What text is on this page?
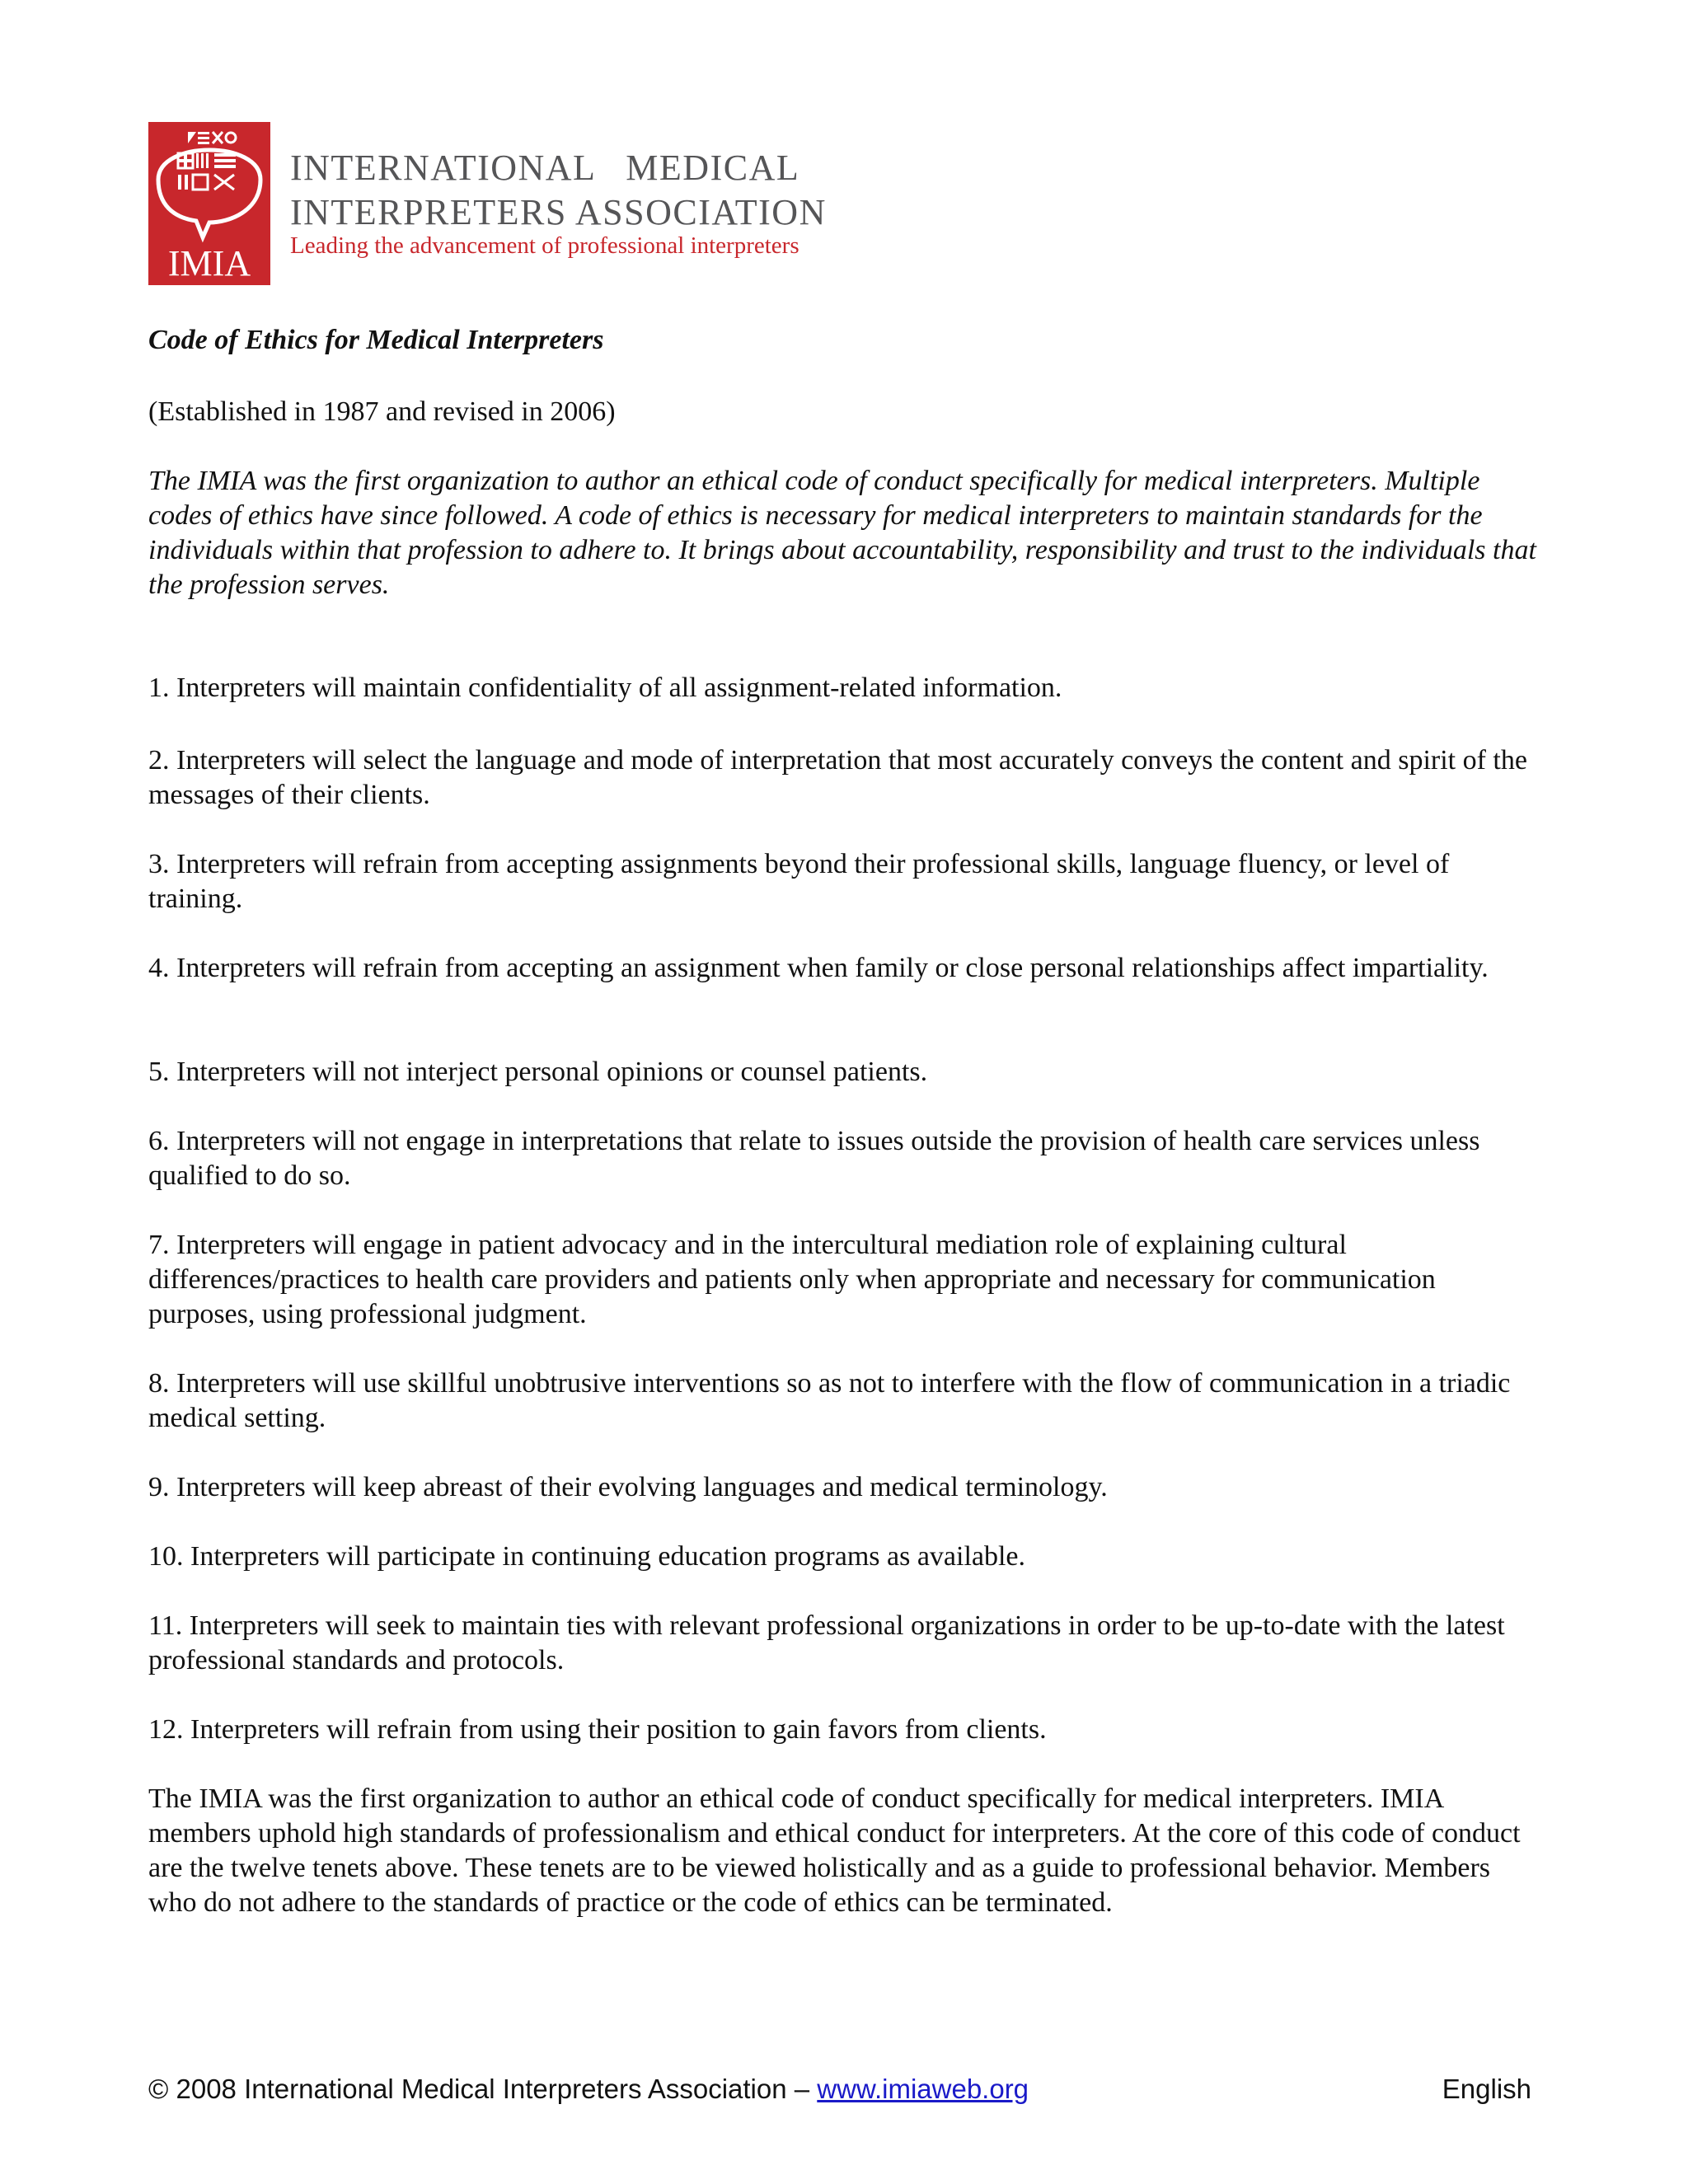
IMIA
INTERNATIONAL   MEDICAL
INTERPRETERS ASSOCIATION
Leading the advancement of professional interpreters

Code of Ethics for Medical Interpreters

(Established in 1987 and revised in 2006)

The IMIA was the first organization to author an ethical code of conduct specifically for medical interpreters. Multiple codes of ethics have since followed. A code of ethics is necessary for medical interpreters to maintain standards for the individuals within that profession to adhere to. It brings about accountability, responsibility and trust to the individuals that the profession serves.

1. Interpreters will maintain confidentiality of all assignment-related information.

2. Interpreters will select the language and mode of interpretation that most accurately conveys the content and spirit of the messages of their clients.

3. Interpreters will refrain from accepting assignments beyond their professional skills, language fluency, or level of training.

4. Interpreters will refrain from accepting an assignment when family or close personal relationships affect impartiality.

5. Interpreters will not interject personal opinions or counsel patients.

6. Interpreters will not engage in interpretations that relate to issues outside the provision of health care services unless qualified to do so.

7. Interpreters will engage in patient advocacy and in the intercultural mediation role of explaining cultural differences/practices to health care providers and patients only when appropriate and necessary for communication purposes, using professional judgment.

8. Interpreters will use skillful unobtrusive interventions so as not to interfere with the flow of communication in a triadic medical setting.

9. Interpreters will keep abreast of their evolving languages and medical terminology.

10. Interpreters will participate in continuing education programs as available.

11. Interpreters will seek to maintain ties with relevant professional organizations in order to be up-to-date with the latest professional standards and protocols.

12. Interpreters will refrain from using their position to gain favors from clients.

The IMIA was the first organization to author an ethical code of conduct specifically for medical interpreters. IMIA members uphold high standards of professionalism and ethical conduct for interpreters. At the core of this code of conduct are the twelve tenets above. These tenets are to be viewed holistically and as a guide to professional behavior. Members who do not adhere to the standards of practice or the code of ethics can be terminated.

© 2008 International Medical Interpreters Association – www.imiaweb.org	English
